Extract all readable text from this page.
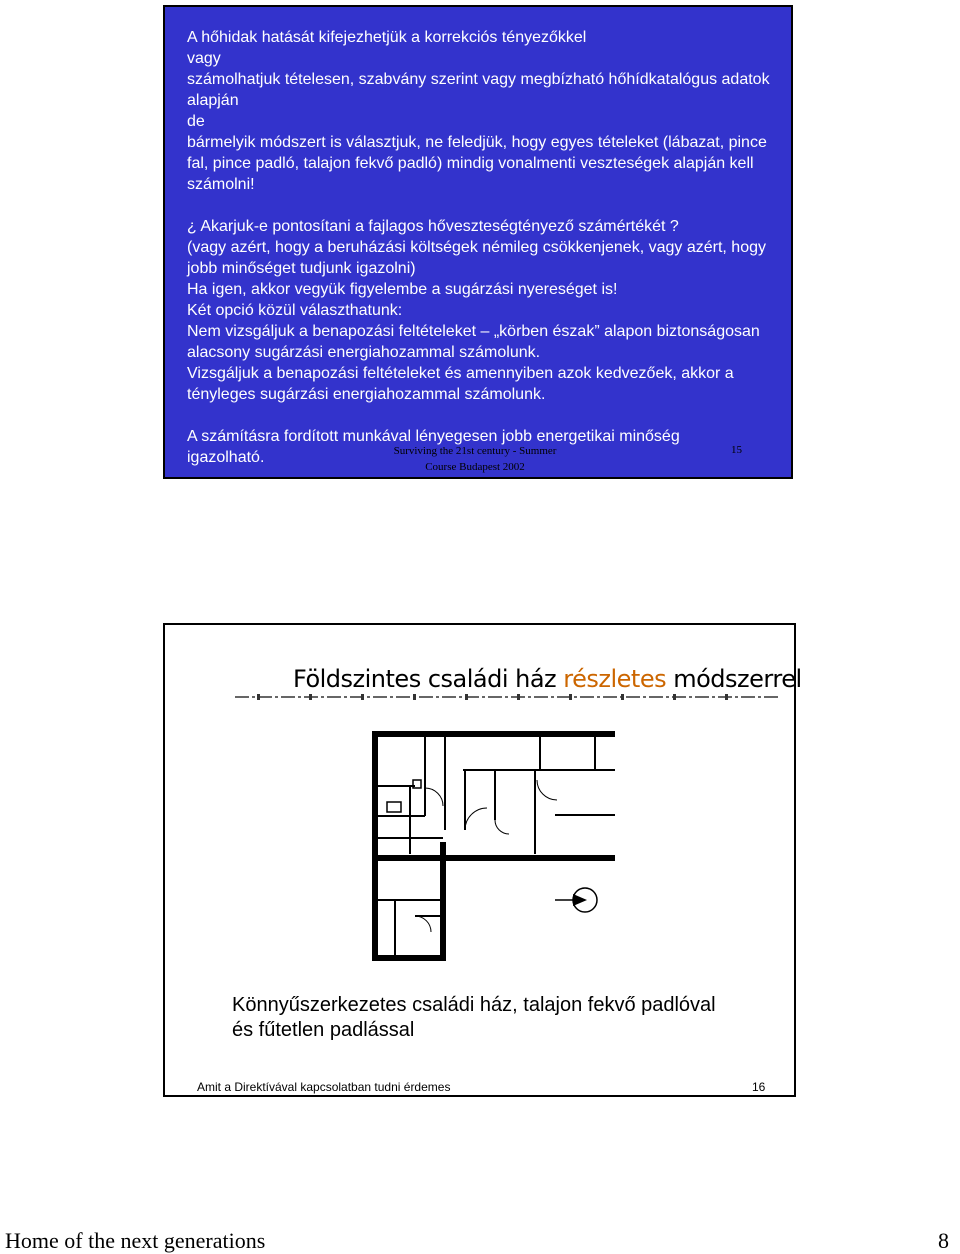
A hőhidak hatását kifejezhetjük a korrekciós tényezőkkel

vagy

számolhatjuk tételesen, szabvány szerint vagy megbízható hőhídkatalógus adatok alapján

de

bármelyik módszert is választjuk, ne feledjük, hogy egyes tételeket (lábazat, pince fal, pince padló, talajon fekvő padló) mindig vonalmenti veszteségek alapján kell számolni!

¿ Akarjuk-e pontosítani a fajlagos hőveszteségtényező számértékét ?

(vagy azért, hogy a beruházási költségek némileg csökkenjenek, vagy azért, hogy jobb minőséget tudjunk igazolni)

Ha igen, akkor vegyük figyelembe a sugárzási nyereséget is!

Két opció közül választhatunk:

Nem vizsgáljuk a benapozási feltételeket – „körben észak” alapon biztonságosan alacsony sugárzási energiahozammal számolunk.

Vizsgáljuk a benapozási feltételeket és amennyiben azok kedvezőek, akkor a tényleges sugárzási energiahozammal számolunk.

A számításra fordított munkával lényegesen jobb energetikai minőség igazolható.	Surviving the 21st century - Summer
Course Budapest 2002
15
Földszintes családi ház részletes módszerrel

Könnyűszerkezetes családi ház, talajon fekvő padlóval

és fűtetlen padlással

Amit a Direktívával kapcsolatban tudni érdemes	16
Home of the next generations	8
